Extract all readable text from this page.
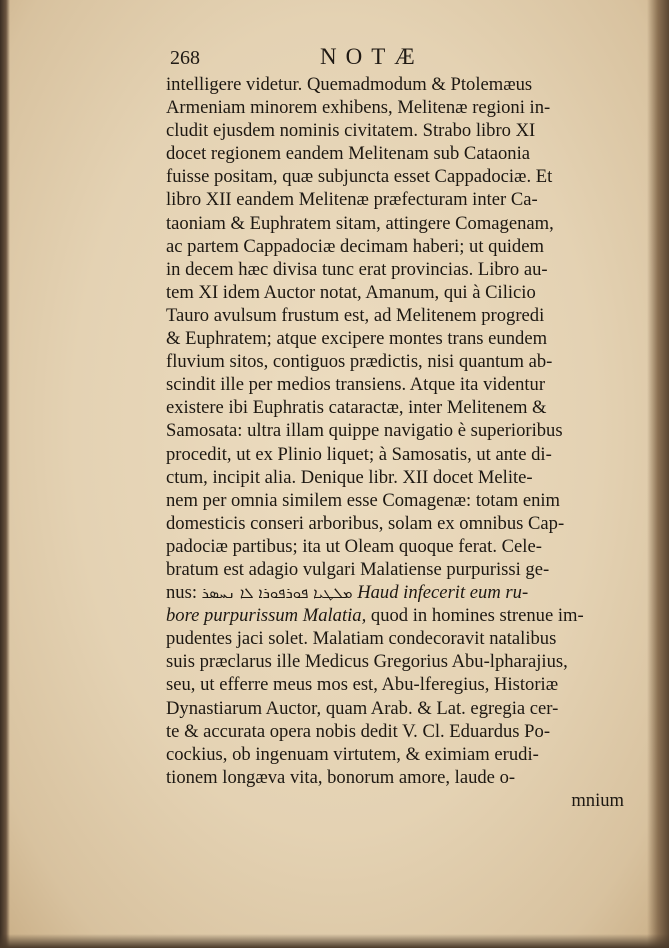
268	NOTÆ
intelligere videtur. Quemadmodum & Ptolemæus
Armeniam minorem exhibens, Melitenæ regioni in-
cludit ejusdem nominis civitatem. Strabo libro XI
docet regionem eandem Melitenam sub Cataonia
fuisse positam, quæ subjuncta esset Cappadociæ. Et
libro XII eandem Melitenæ præfecturam inter Ca-
taoniam & Euphratem sitam, attingere Comagenam,
ac partem Cappadociæ decimam haberi; ut quidem
in decem hæc divisa tunc erat provincias. Libro au-
tem XI idem Auctor notat, Amanum, qui à Cilicio
Tauro avulsum frustum est, ad Melitenem progredi
& Euphratem; atque excipere montes trans eundem
fluvium sitos, contiguos prædictis, nisi quantum ab-
scindit ille per medios transiens. Atque ita videntur
existere ibi Euphratis cataractæ, inter Melitenem &
Samosata: ultra illam quippe navigatio è superioribus
procedit, ut ex Plinio liquet; à Samosatis, ut ante di-
ctum, incipit alia. Denique libr. XII docet Melite-
nem per omnia similem esse Comagenæ: totam enim
domesticis conseri arboribus, solam ex omnibus Cap-
padociæ partibus; ita ut Oleam quoque ferat. Cele-
bratum est adagio vulgari Malatiense purpurissi ge-
nus: ܡܠܛܝܐ ܦܘܪܦܘܪܐ ܠܐ ܢܚܣܪ Haud infecerit eum ru-
bore purpurissum Malatia, quod in homines strenue im-
pudentes jaci solet. Malatiam condecoravit natalibus
suis præclarus ille Medicus Gregorius Abu-lpharajius,
seu, ut efferre meus mos est, Abu-lferegius, Historiæ
Dynastiarum Auctor, quam Arab. & Lat. egregia cer-
te & accurata opera nobis dedit V. Cl. Eduardus Po-
cockius, ob ingenuam virtutem, & eximiam erudi-
tionem longæva vita, bonorum amore, laude o-
mnium
